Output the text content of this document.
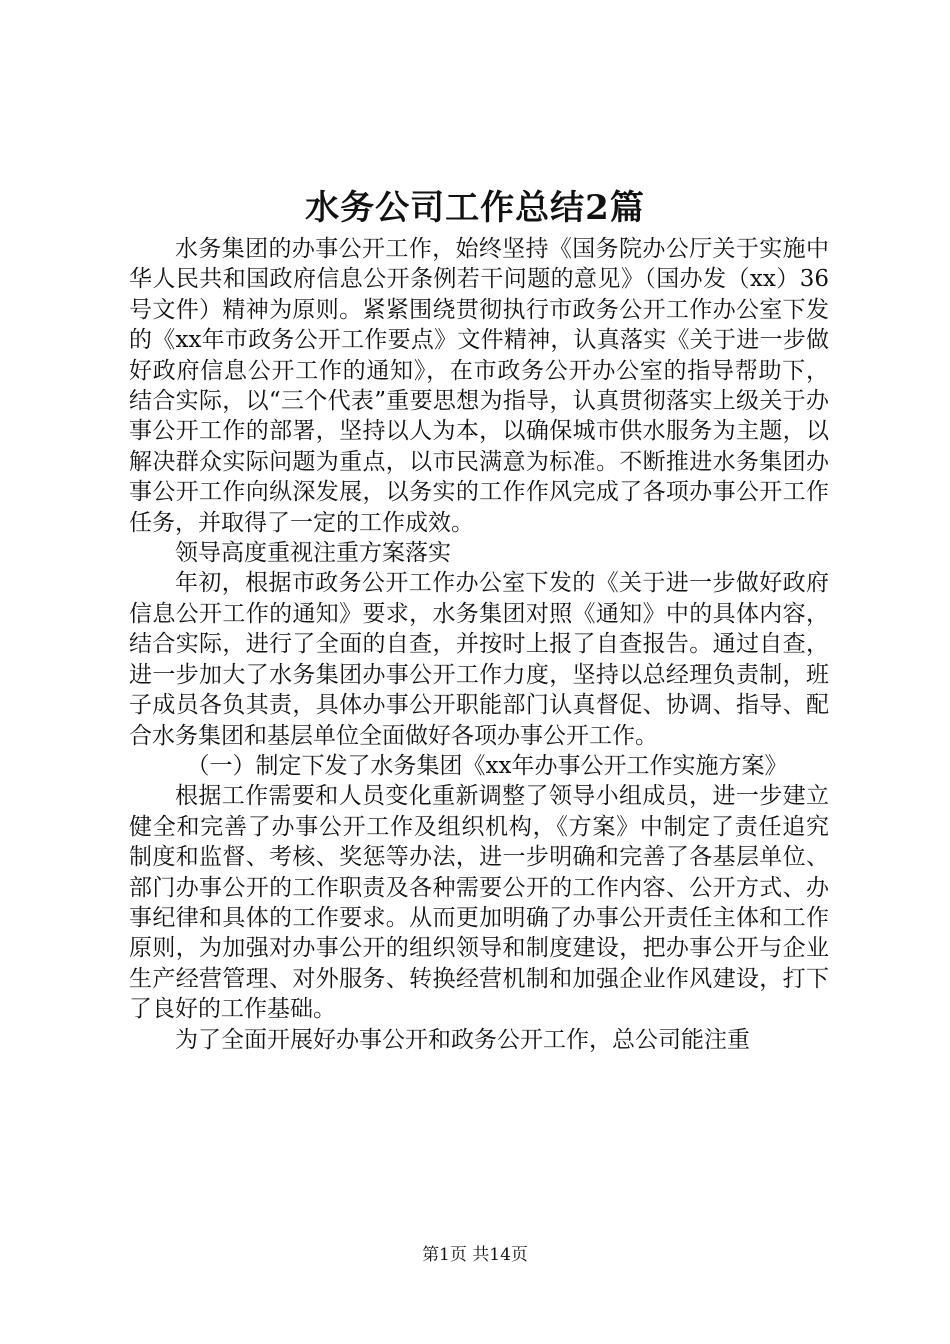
水务公司工作总结2篇

水务集团的办事公开工作，始终坚持《国务院办公厅关于实施中华人民共和国政府信息公开条例若干问题的意见》（国办发（xx）36号文件）精神为原则。紧紧围绕贯彻执行市政务公开工作办公室下发的《xx年市政务公开工作要点》文件精神，认真落实《关于进一步做好政府信息公开工作的通知》，在市政务公开办公室的指导帮助下，结合实际，以“三个代表”重要思想为指导，认真贯彻落实上级关于办事公开工作的部署，坚持以人为本，以确保城市供水服务为主题，以解决群众实际问题为重点，以市民满意为标准。不断推进水务集团办事公开工作向纵深发展，以务实的工作作风完成了各项办事公开工作任务，并取得了一定的工作成效。

领导高度重视注重方案落实

年初，根据市政务公开工作办公室下发的《关于进一步做好政府信息公开工作的通知》要求，水务集团对照《通知》中的具体内容，结合实际，进行了全面的自查，并按时上报了自查报告。通过自查，进一步加大了水务集团办事公开工作力度，坚持以总经理负责制，班子成员各负其责，具体办事公开职能部门认真督促、协调、指导、配合水务集团和基层单位全面做好各项办事公开工作。

（一）制定下发了水务集团《xx年办事公开工作实施方案》

根据工作需要和人员变化重新调整了领导小组成员，进一步建立健全和完善了办事公开工作及组织机构，《方案》中制定了责任追究制度和监督、考核、奖惩等办法，进一步明确和完善了各基层单位、部门办事公开的工作职责及各种需要公开的工作内容、公开方式、办事纪律和具体的工作要求。从而更加明确了办事公开责任主体和工作原则，为加强对办事公开的组织领导和制度建设，把办事公开与企业生产经营管理、对外服务、转换经营机制和加强企业作风建设，打下了良好的工作基础。

为了全面开展好办事公开和政务公开工作，总公司能注重

第1页 共14页
